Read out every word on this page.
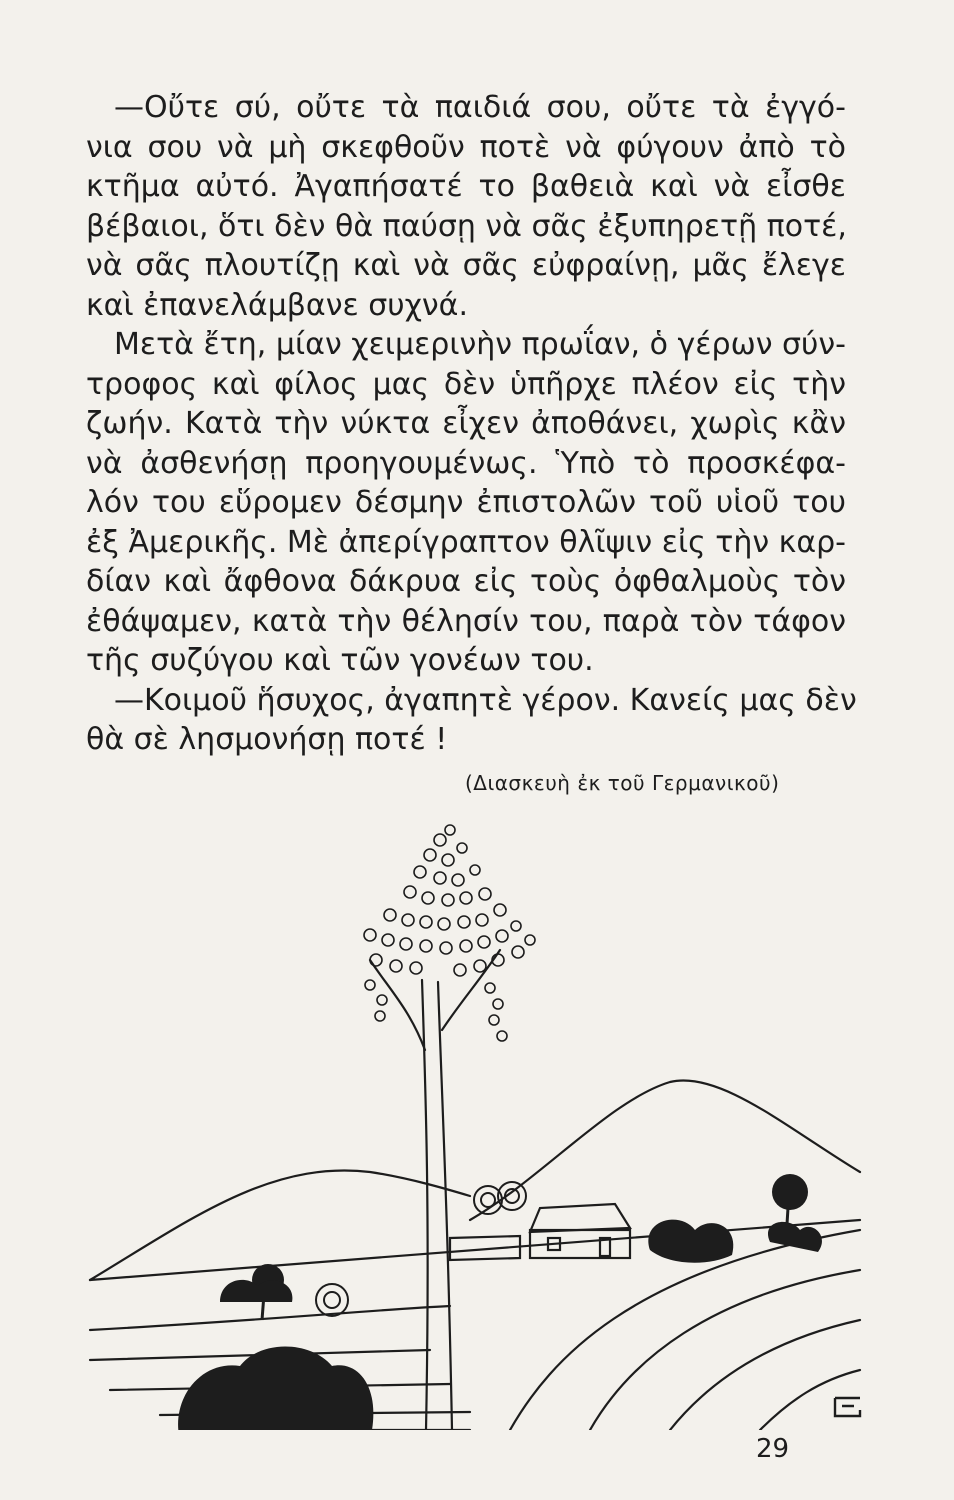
—Οὔτε σύ, οὔτε τὰ παιδιά σου, οὔτε τὰ ἐγγό-
νια σου νὰ μὴ σκεφθοῦν ποτὲ νὰ φύγουν ἀπὸ τὸ
κτῆμα αὐτό. Ἀγαπήσατέ το βαθειὰ καὶ νὰ εἶσθε
βέβαιοι, ὅτι δὲν θὰ παύσῃ νὰ σᾶς ἐξυπηρετῇ ποτέ,
νὰ σᾶς πλουτίζῃ καὶ νὰ σᾶς εὐφραίνῃ, μᾶς ἔλεγε
καὶ ἐπανελάμβανε συχνά.
Μετὰ ἔτη, μίαν χειμερινὴν πρωΐαν, ὁ γέρων σύν-
τροφος καὶ φίλος μας δὲν ὑπῆρχε πλέον εἰς τὴν
ζωήν. Κατὰ τὴν νύκτα εἶχεν ἀποθάνει, χωρὶς κἂν
νὰ ἀσθενήσῃ προηγουμένως. Ὑπὸ τὸ προσκέφα-
λόν του εὕρομεν δέσμην ἐπιστολῶν τοῦ υἱοῦ του
ἐξ Ἀμερικῆς. Μὲ ἀπερίγραπτον θλῖψιν εἰς τὴν καρ-
δίαν καὶ ἄφθονα δάκρυα εἰς τοὺς ὀφθαλμοὺς τὸν
ἐθάψαμεν, κατὰ τὴν θέλησίν του, παρὰ τὸν τάφον
τῆς συζύγου καὶ τῶν γονέων του.
—Κοιμοῦ ἥσυχος, ἀγαπητὲ γέρον. Κανείς μας δὲν
θὰ σὲ λησμονήσῃ ποτέ !
(Διασκευὴ ἐκ τοῦ Γερμανικοῦ)
29
